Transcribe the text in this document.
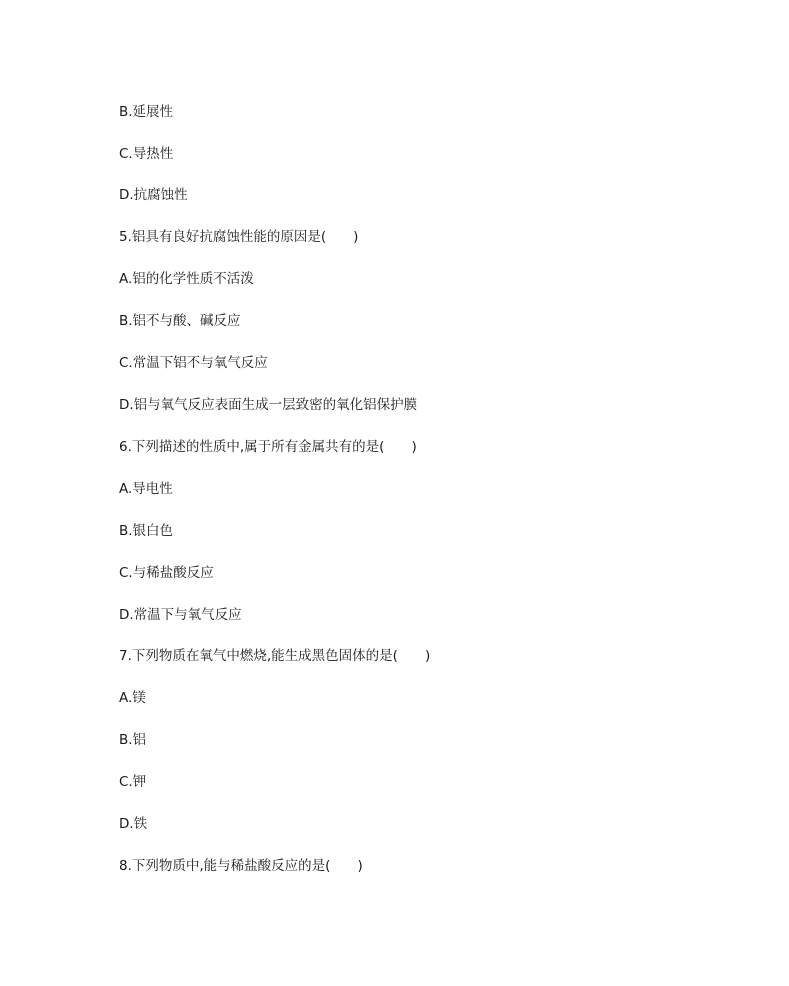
B.延展性
C.导热性
D.抗腐蚀性
5.铝具有良好抗腐蚀性能的原因是(　　)
A.铝的化学性质不活泼
B.铝不与酸、碱反应
C.常温下铝不与氧气反应
D.铝与氧气反应表面生成一层致密的氧化铝保护膜
6.下列描述的性质中,属于所有金属共有的是(　　)
A.导电性
B.银白色
C.与稀盐酸反应
D.常温下与氧气反应
7.下列物质在氧气中燃烧,能生成黑色固体的是(　　)
A.镁
B.铝
C.钾
D.铁
8.下列物质中,能与稀盐酸反应的是(　　)
